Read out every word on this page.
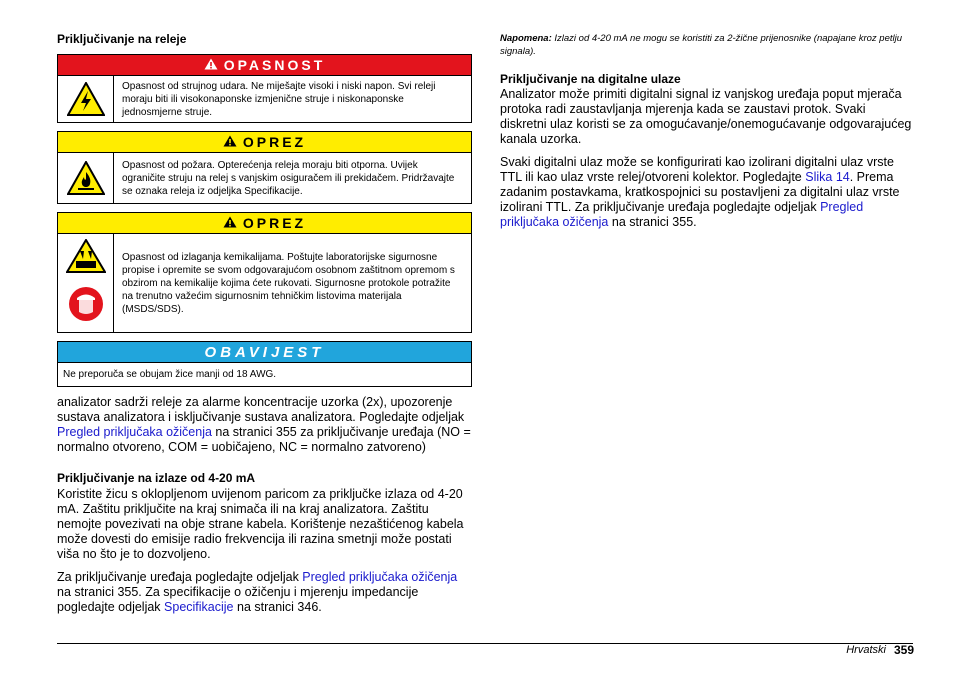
Priključivanje na releje
OPASNOST
Opasnost od strujnog udara. Ne miješajte visoki i niski napon. Svi releji moraju biti ili visokonaponske izmjenične struje i niskonaponske jednosmjerne struje.
OPREZ
Opasnost od požara. Opterećenja releja moraju biti otporna. Uvijek ograničite struju na relej s vanjskim osiguračem ili prekidačem. Pridržavajte se oznaka releja iz odjeljka Specifikacije.
OPREZ
Opasnost od izlaganja kemikalijama. Poštujte laboratorijske sigurnosne propise i opremite se svom odgovarajućom osobnom zaštitnom opremom s obzirom na kemikalije kojima ćete rukovati. Sigurnosne protokole potražite na trenutno važećim sigurnosnim tehničkim listovima materijala (MSDS/SDS).
OBAVIJEST
Ne preporuča se obujam žice manji od 18 AWG.

analizator sadrži releje za alarme koncentracije uzorka (2x), upozorenje sustava analizatora i isključivanje sustava analizatora. Pogledajte odjeljak Pregled priključaka ožičenja na stranici 355 za priključivanje uređaja (NO = normalno otvoreno, COM = uobičajeno, NC = normalno zatvoreno)

Priključivanje na izlaze od 4-20 mA

Koristite žicu s oklopljenom uvijenom paricom za priključke izlaza od 4-20 mA. Zaštitu priključite na kraj snimača ili na kraj analizatora. Zaštitu nemojte povezivati na obje strane kabela. Korištenje nezaštićenog kabela može dovesti do emisije radio frekvencija ili razina smetnji može postati viša no što je to dozvoljeno.

Za priključivanje uređaja pogledajte odjeljak Pregled priključaka ožičenja na stranici 355. Za specifikacije o ožičenju i mjerenju impedancije pogledajte odjeljak Specifikacije na stranici 346.

Napomena: Izlazi od 4-20 mA ne mogu se koristiti za 2-žične prijenosnike (napajane kroz petlju signala).

Priključivanje na digitalne ulaze

Analizator može primiti digitalni signal iz vanjskog uređaja poput mjerača protoka radi zaustavljanja mjerenja kada se zaustavi protok. Svaki diskretni ulaz koristi se za omogućavanje/onemogućavanje odgovarajućeg kanala uzorka.

Svaki digitalni ulaz može se konfigurirati kao izolirani digitalni ulaz vrste TTL ili kao ulaz vrste relej/otvoreni kolektor. Pogledajte Slika 14. Prema zadanim postavkama, kratkospojnici su postavljeni za digitalni ulaz vrste izolirani TTL. Za priključivanje uređaja pogledajte odjeljak Pregled priključaka ožičenja na stranici 355.

Hrvatski 359
